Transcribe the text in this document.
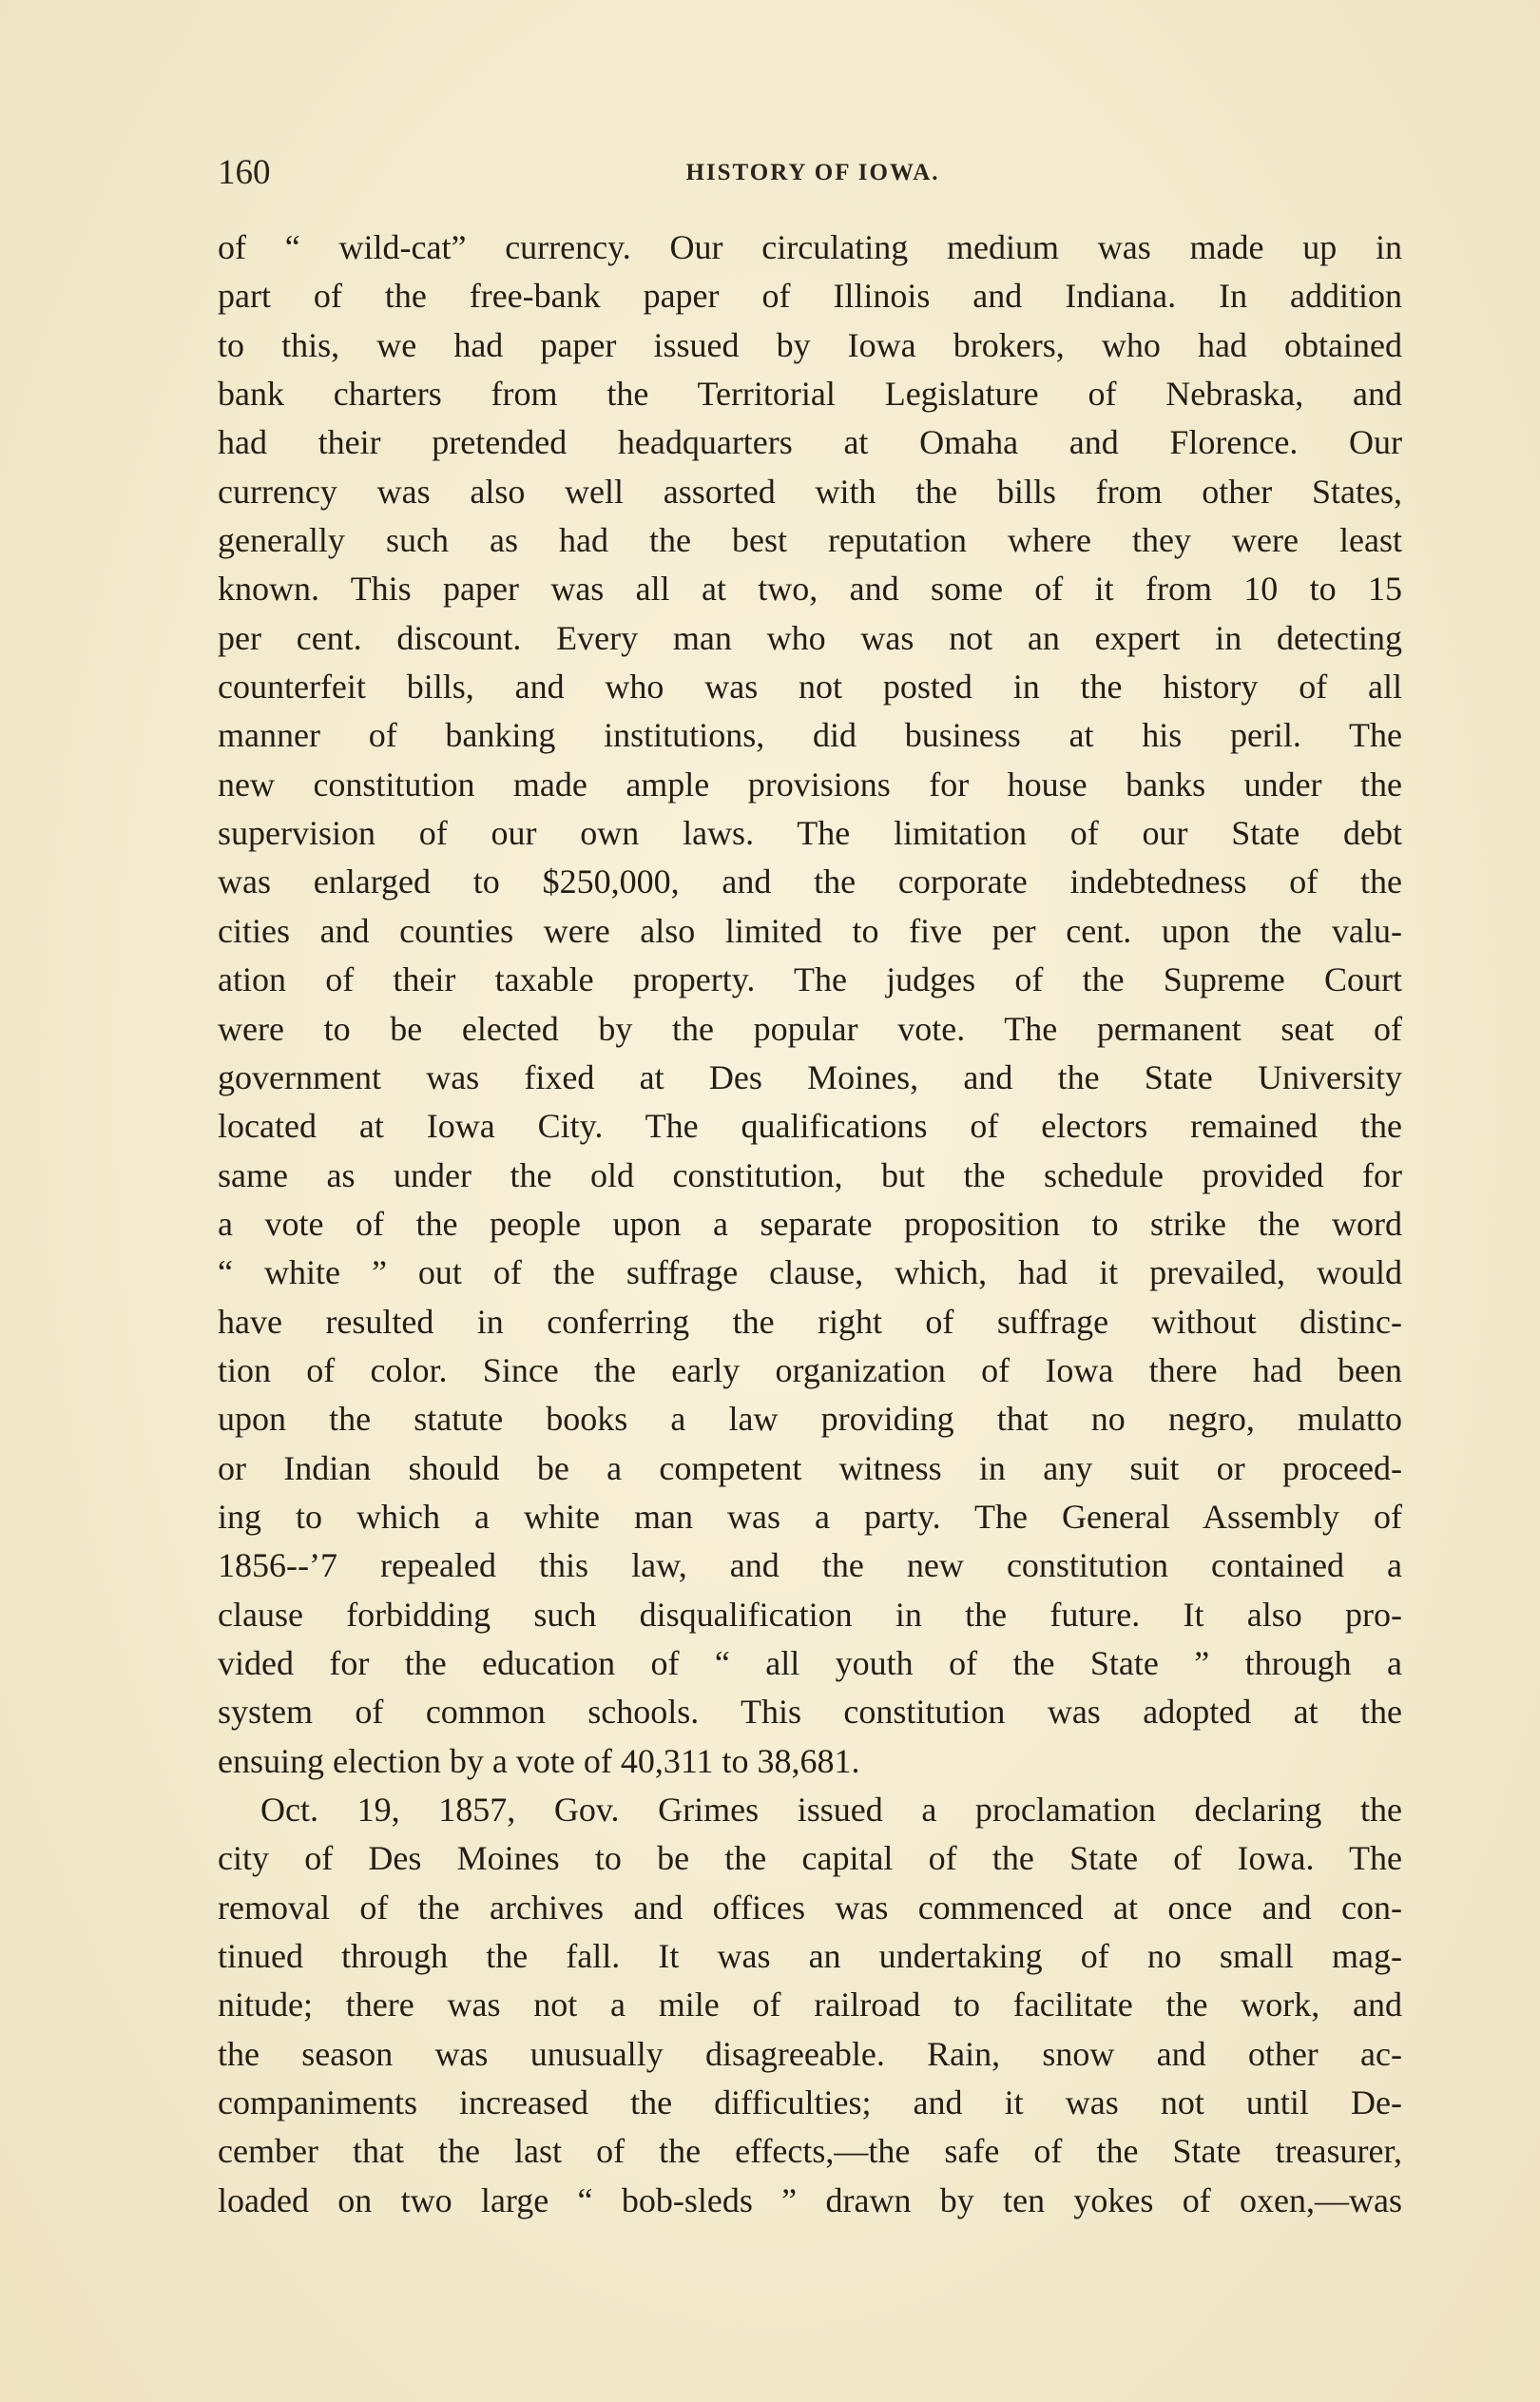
160	HISTORY OF IOWA.
of “ wild-cat” currency. Our circulating medium was made up in
part of the free-bank paper of Illinois and Indiana. In addition
to this, we had paper issued by Iowa brokers, who had obtained
bank charters from the Territorial Legislature of Nebraska, and
had their pretended headquarters at Omaha and Florence. Our
currency was also well assorted with the bills from other States,
generally such as had the best reputation where they were least
known. This paper was all at two, and some of it from 10 to 15
per cent. discount. Every man who was not an expert in detecting
counterfeit bills, and who was not posted in the history of all
manner of banking institutions, did business at his peril. The
new constitution made ample provisions for house banks under the
supervision of our own laws. The limitation of our State debt
was enlarged to $250,000, and the corporate indebtedness of the
cities and counties were also limited to five per cent. upon the valu-
ation of their taxable property. The judges of the Supreme Court
were to be elected by the popular vote. The permanent seat of
government was fixed at Des Moines, and the State University
located at Iowa City. The qualifications of electors remained the
same as under the old constitution, but the schedule provided for
a vote of the people upon a separate proposition to strike the word
“ white ” out of the suffrage clause, which, had it prevailed, would
have resulted in conferring the right of suffrage without distinc-
tion of color. Since the early organization of Iowa there had been
upon the statute books a law providing that no negro, mulatto
or Indian should be a competent witness in any suit or proceed-
ing to which a white man was a party. The General Assembly of
1856--’7 repealed this law, and the new constitution contained a
clause forbidding such disqualification in the future. It also pro-
vided for the education of “ all youth of the State ” through a
system of common schools. This constitution was adopted at the
ensuing election by a vote of 40,311 to 38,681.
Oct. 19, 1857, Gov. Grimes issued a proclamation declaring the
city of Des Moines to be the capital of the State of Iowa. The
removal of the archives and offices was commenced at once and con-
tinued through the fall. It was an undertaking of no small mag-
nitude; there was not a mile of railroad to facilitate the work, and
the season was unusually disagreeable. Rain, snow and other ac-
companiments increased the difficulties; and it was not until De-
cember that the last of the effects,—the safe of the State treasurer,
loaded on two large “ bob-sleds ” drawn by ten yokes of oxen,—was
